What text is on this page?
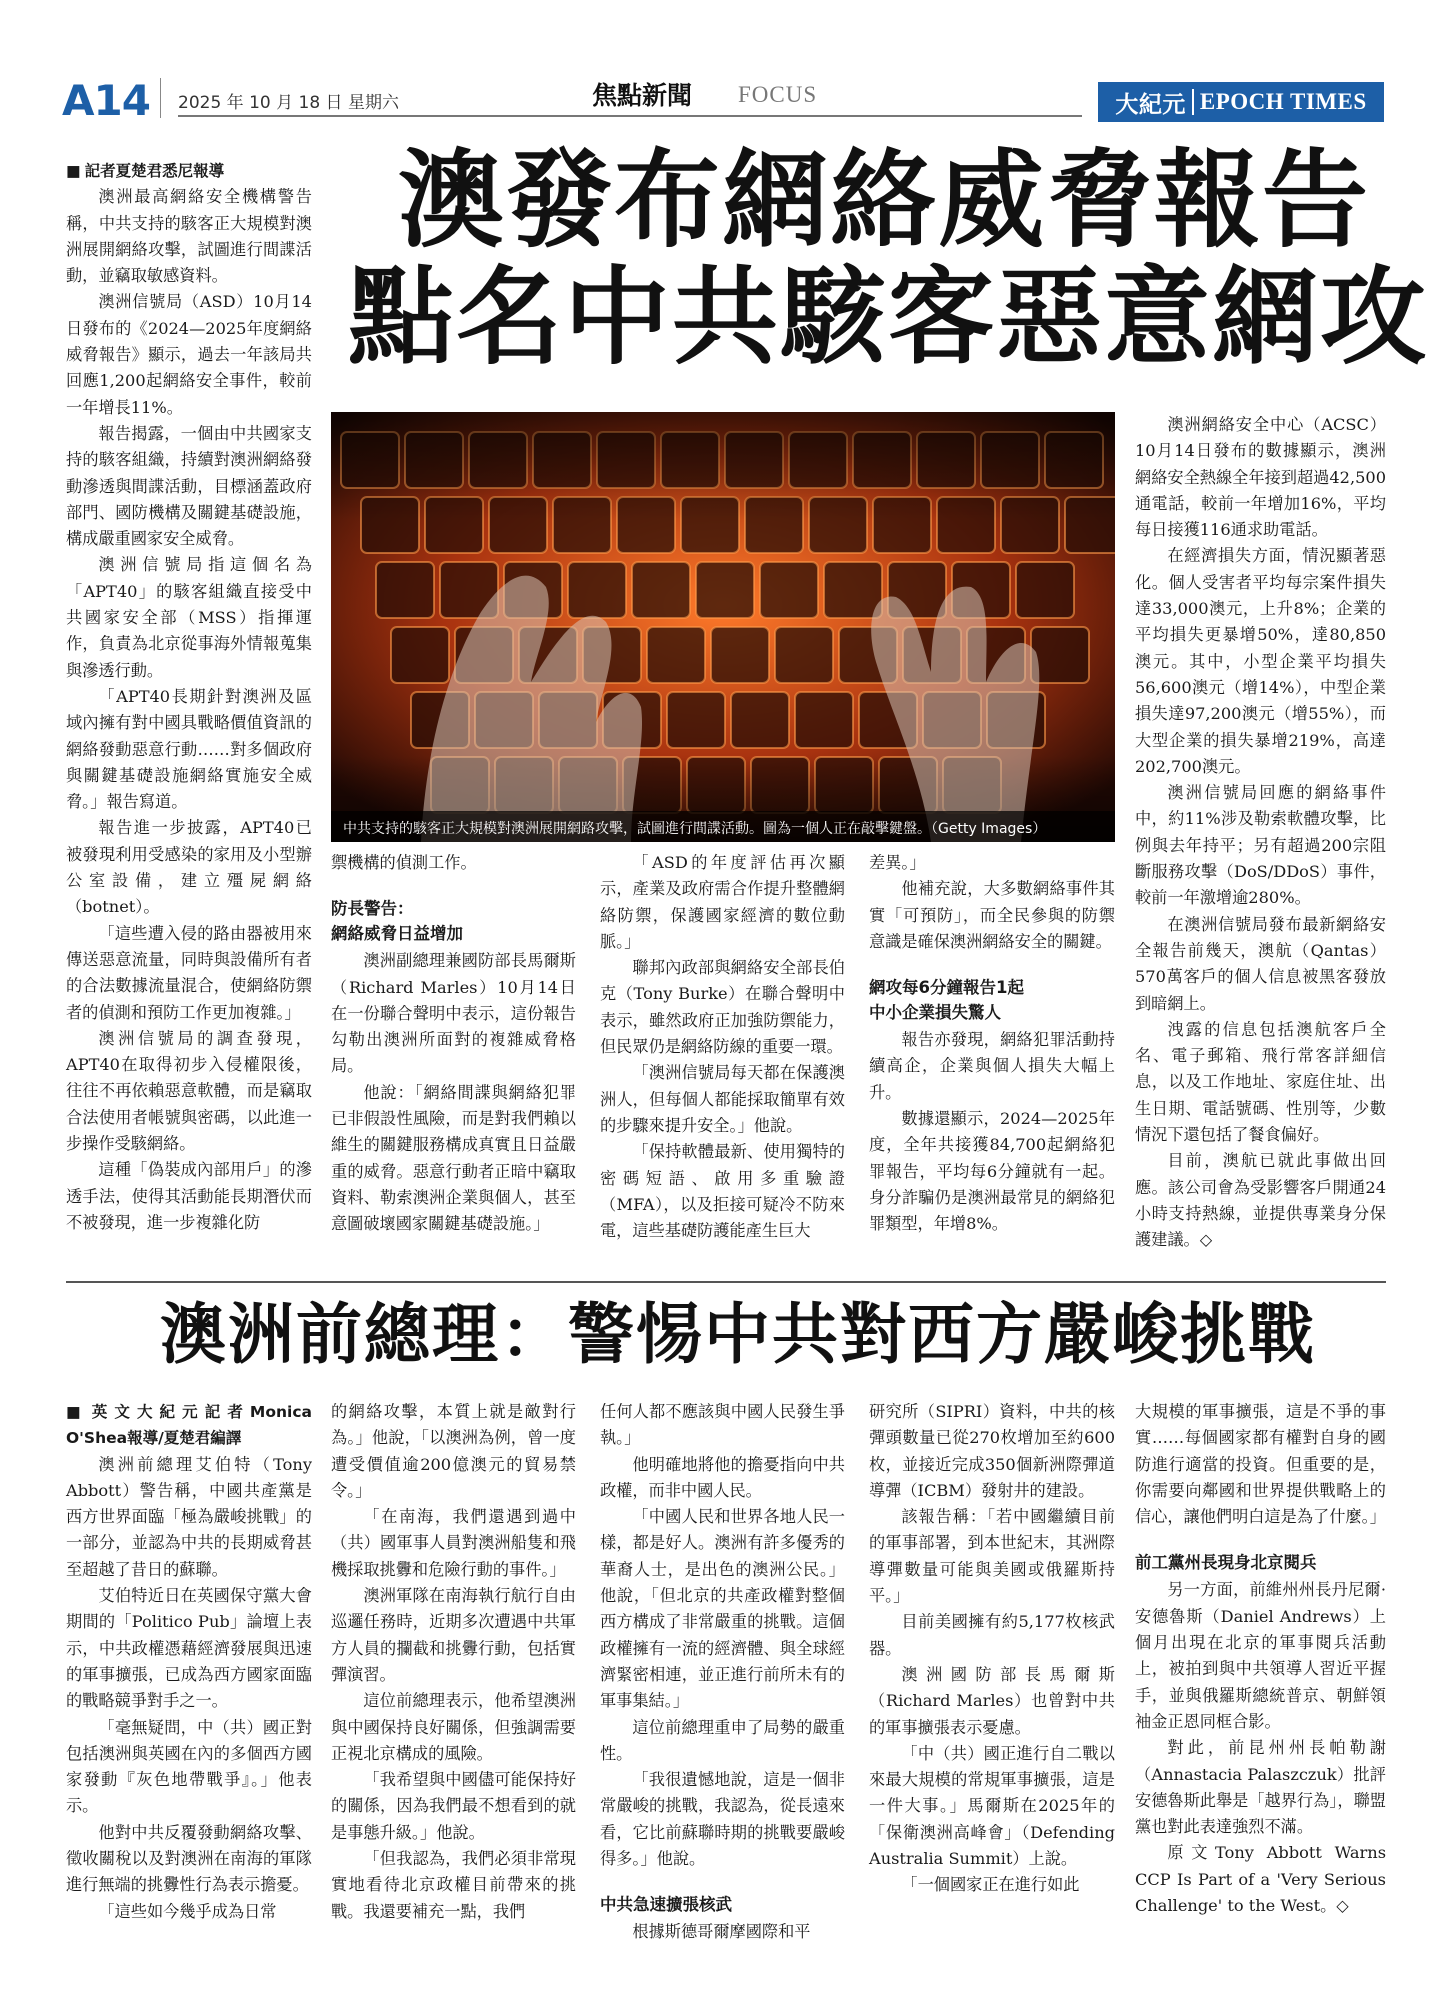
A14 2025 年 10 月 18 日 星期六	焦點新聞 FOCUS	大紀元 EPOCH TIMES
澳發布網絡威脅報告
點名中共駭客惡意網攻
中共支持的駭客正大規模對澳洲展開網路攻擊，試圖進行間諜活動。圖為一個人正在敲擊鍵盤。（Getty Images）

■ 記者夏楚君悉尼報導

澳洲最高網絡安全機構警告稱，中共支持的駭客正大規模對澳洲展開網絡攻擊，試圖進行間諜活動，並竊取敏感資料。

澳洲信號局（ASD）10月14日發布的《2024—2025年度網絡威脅報告》顯示，過去一年該局共回應1,200起網絡安全事件，較前一年增長11%。

報告揭露，一個由中共國家支持的駭客組織，持續對澳洲網絡發動滲透與間諜活動，目標涵蓋政府部門、國防機構及關鍵基礎設施，構成嚴重國家安全威脅。

澳洲信號局指這個名為「APT40」的駭客組織直接受中共國家安全部（MSS）指揮運作，負責為北京從事海外情報蒐集與滲透行動。

「APT40長期針對澳洲及區域內擁有對中國具戰略價值資訊的網絡發動惡意行動……對多個政府與關鍵基礎設施網絡實施安全威脅。」報告寫道。

報告進一步披露，APT40已被發現利用受感染的家用及小型辦公室設備，建立殭屍網絡（botnet）。

「這些遭入侵的路由器被用來傳送惡意流量，同時與設備所有者的合法數據流量混合，使網絡防禦者的偵測和預防工作更加複雜。」

澳洲信號局的調查發現，APT40在取得初步入侵權限後，往往不再依賴惡意軟體，而是竊取合法使用者帳號與密碼，以此進一步操作受駭網絡。

這種「偽裝成內部用戶」的滲透手法，使得其活動能長期潛伏而不被發現，進一步複雜化防

禦機構的偵測工作。

防長警告：
網絡威脅日益增加

澳洲副總理兼國防部長馬爾斯（Richard Marles）10月14日在一份聯合聲明中表示，這份報告勾勒出澳洲所面對的複雜威脅格局。

他說：「網絡間諜與網絡犯罪已非假設性風險，而是對我們賴以維生的關鍵服務構成真實且日益嚴重的威脅。惡意行動者正暗中竊取資料、勒索澳洲企業與個人，甚至意圖破壞國家關鍵基礎設施。」

「ASD的年度評估再次顯示，產業及政府需合作提升整體網絡防禦，保護國家經濟的數位動脈。」

聯邦內政部與網絡安全部長伯克（Tony Burke）在聯合聲明中表示，雖然政府正加強防禦能力，但民眾仍是網絡防線的重要一環。

「澳洲信號局每天都在保護澳洲人，但每個人都能採取簡單有效的步驟來提升安全。」他說。

「保持軟體最新、使用獨特的密碼短語、啟用多重驗證（MFA），以及拒接可疑冷不防來電，這些基礎防護能產生巨大

差異。」

他補充說，大多數網絡事件其實「可預防」，而全民參與的防禦意識是確保澳洲網絡安全的關鍵。

網攻每6分鐘報告1起
中小企業損失驚人

報告亦發現，網絡犯罪活動持續高企，企業與個人損失大幅上升。

數據還顯示，2024—2025年度，全年共接獲84,700起網絡犯罪報告，平均每6分鐘就有一起。身分詐騙仍是澳洲最常見的網絡犯罪類型，年增8%。

澳洲網絡安全中心（ACSC）10月14日發布的數據顯示，澳洲網絡安全熱線全年接到超過42,500通電話，較前一年增加16%，平均每日接獲116通求助電話。

在經濟損失方面，情況顯著惡化。個人受害者平均每宗案件損失達33,000澳元，上升8%；企業的平均損失更暴增50%，達80,850澳元。其中，小型企業平均損失56,600澳元（增14%），中型企業損失達97,200澳元（增55%），而大型企業的損失暴增219%，高達202,700澳元。

澳洲信號局回應的網絡事件中，約11%涉及勒索軟體攻擊，比例與去年持平；另有超過200宗阻斷服務攻擊（DoS/DDoS）事件，較前一年激增逾280%。

在澳洲信號局發布最新網絡安全報告前幾天，澳航（Qantas）570萬客戶的個人信息被黑客發放到暗網上。

洩露的信息包括澳航客戶全名、電子郵箱、飛行常客詳細信息，以及工作地址、家庭住址、出生日期、電話號碼、性別等，少數情況下還包括了餐食偏好。

目前，澳航已就此事做出回應。該公司會為受影響客戶開通24小時支持熱線，並提供專業身分保護建議。◇

澳洲前總理：警惕中共對西方嚴峻挑戰

■ 英文大紀元記者Monica O'Shea報導/夏楚君編譯

澳洲前總理艾伯特（Tony Abbott）警告稱，中國共產黨是西方世界面臨「極為嚴峻挑戰」的一部分，並認為中共的長期威脅甚至超越了昔日的蘇聯。

艾伯特近日在英國保守黨大會期間的「Politico Pub」論壇上表示，中共政權憑藉經濟發展與迅速的軍事擴張，已成為西方國家面臨的戰略競爭對手之一。

「毫無疑問，中（共）國正對包括澳洲與英國在內的多個西方國家發動『灰色地帶戰爭』。」他表示。

他對中共反覆發動網絡攻擊、徵收關稅以及對澳洲在南海的軍隊進行無端的挑釁性行為表示擔憂。

「這些如今幾乎成為日常

的網絡攻擊，本質上就是敵對行為。」他說，「以澳洲為例，曾一度遭受價值逾200億澳元的貿易禁令。」

「在南海，我們還遇到過中（共）國軍事人員對澳洲船隻和飛機採取挑釁和危險行動的事件。」

澳洲軍隊在南海執行航行自由巡邏任務時，近期多次遭遇中共軍方人員的攔截和挑釁行動，包括實彈演習。

這位前總理表示，他希望澳洲與中國保持良好關係，但強調需要正視北京構成的風險。

「我希望與中國儘可能保持好的關係，因為我們最不想看到的就是事態升級。」他說。

「但我認為，我們必須非常現實地看待北京政權目前帶來的挑戰。我還要補充一點，我們

任何人都不應該與中國人民發生爭執。」

他明確地將他的擔憂指向中共政權，而非中國人民。

「中國人民和世界各地人民一樣，都是好人。澳洲有許多優秀的華裔人士，是出色的澳洲公民。」他說，「但北京的共產政權對整個西方構成了非常嚴重的挑戰。這個政權擁有一流的經濟體、與全球經濟緊密相連，並正進行前所未有的軍事集結。」

這位前總理重申了局勢的嚴重性。

「我很遺憾地說，這是一個非常嚴峻的挑戰，我認為，從長遠來看，它比前蘇聯時期的挑戰要嚴峻得多。」他說。

中共急速擴張核武

根據斯德哥爾摩國際和平

研究所（SIPRI）資料，中共的核彈頭數量已從270枚增加至約600枚，並接近完成350個新洲際彈道導彈（ICBM）發射井的建設。

該報告稱：「若中國繼續目前的軍事部署，到本世紀末，其洲際導彈數量可能與美國或俄羅斯持平。」

目前美國擁有約5,177枚核武器。

澳洲國防部長馬爾斯（Richard Marles）也曾對中共的軍事擴張表示憂慮。

「中（共）國正進行自二戰以來最大規模的常規軍事擴張，這是一件大事。」馬爾斯在2025年的「保衛澳洲高峰會」（Defending Australia Summit）上說。

「一個國家正在進行如此

大規模的軍事擴張，這是不爭的事實……每個國家都有權對自身的國防進行適當的投資。但重要的是，你需要向鄰國和世界提供戰略上的信心，讓他們明白這是為了什麼。」

前工黨州長現身北京閱兵

另一方面，前維州州長丹尼爾·安德魯斯（Daniel Andrews）上個月出現在北京的軍事閱兵活動上，被拍到與中共領導人習近平握手，並與俄羅斯總統普京、朝鮮領袖金正恩同框合影。

對此，前昆州州長帕勒謝（Annastacia Palaszczuk）批評安德魯斯此舉是「越界行為」，聯盟黨也對此表達強烈不滿。

原文Tony Abbott Warns CCP Is Part of a 'Very Serious Challenge' to the West。◇
